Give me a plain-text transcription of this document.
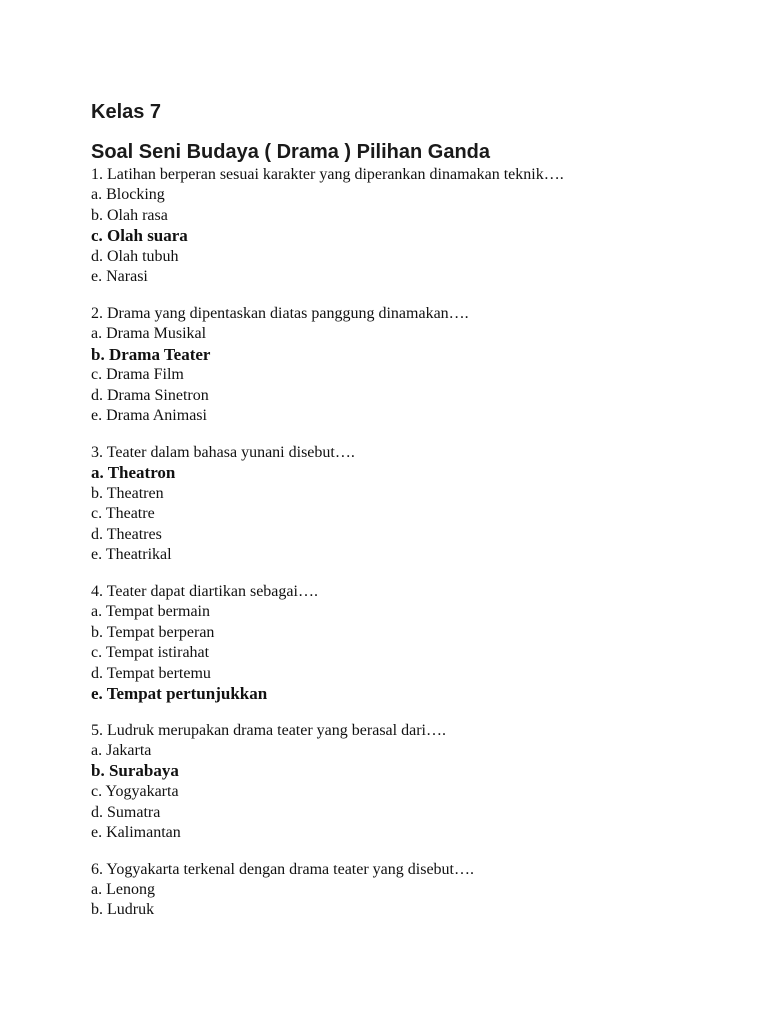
Kelas 7
Soal Seni Budaya ( Drama ) Pilihan Ganda

1. Latihan berperan sesuai karakter yang diperankan dinamakan teknik….

a. Blocking

b. Olah rasa

c. Olah suara

d. Olah tubuh

e. Narasi

2. Drama yang dipentaskan diatas panggung dinamakan….

a. Drama Musikal

b. Drama Teater

c. Drama Film

d. Drama Sinetron

e. Drama Animasi

3. Teater dalam bahasa yunani disebut….

a. Theatron

b. Theatren

c. Theatre

d. Theatres

e. Theatrikal

4. Teater dapat diartikan sebagai….

a. Tempat bermain

b. Tempat berperan

c. Tempat istirahat

d. Tempat bertemu

e. Tempat pertunjukkan

5. Ludruk merupakan drama teater yang berasal dari….

a. Jakarta

b. Surabaya

c. Yogyakarta

d. Sumatra

e. Kalimantan

6. Yogyakarta terkenal dengan drama teater yang disebut….

a. Lenong

b. Ludruk
